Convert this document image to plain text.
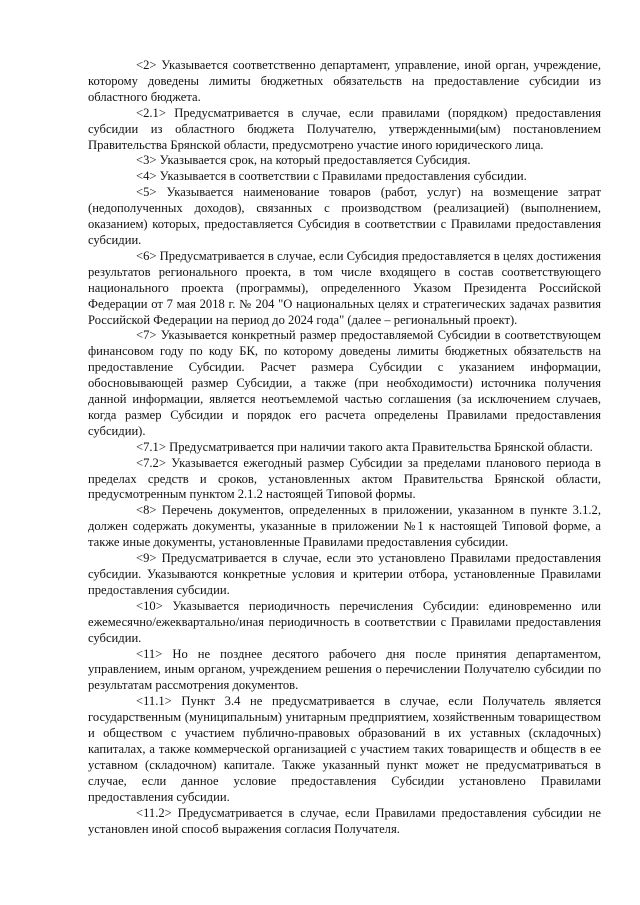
<2> Указывается соответственно департамент, управление, иной орган, учреждение, которому доведены лимиты бюджетных обязательств на предоставление субсидии из областного бюджета.

<2.1> Предусматривается в случае, если правилами (порядком) предоставления субсидии из областного бюджета Получателю, утвержденными(ым) постановлением Правительства Брянской области, предусмотрено участие иного юридического лица.

<3> Указывается срок, на который предоставляется Субсидия.

<4> Указывается в соответствии с Правилами предоставления субсидии.

<5> Указывается наименование товаров (работ, услуг) на возмещение затрат (недополученных доходов), связанных с производством (реализацией) (выполнением, оказанием) которых, предоставляется Субсидия в соответствии с Правилами предоставления субсидии.

<6> Предусматривается в случае, если Субсидия предоставляется в целях достижения результатов регионального проекта, в том числе входящего в состав соответствующего национального проекта (программы), определенного Указом Президента Российской Федерации от 7 мая 2018 г. № 204 "О национальных целях и стратегических задачах развития Российской Федерации на период до 2024 года" (далее – региональный проект).

<7> Указывается конкретный размер предоставляемой Субсидии в соответствующем финансовом году по коду БК, по которому доведены лимиты бюджетных обязательств на предоставление Субсидии. Расчет размера Субсидии с указанием информации, обосновывающей размер Субсидии, а также (при необходимости) источника получения данной информации, является неотъемлемой частью соглашения (за исключением случаев, когда размер Субсидии и порядок его расчета определены Правилами предоставления субсидии).

<7.1> Предусматривается при наличии такого акта Правительства Брянской области.

<7.2> Указывается ежегодный размер Субсидии за пределами планового периода в пределах средств и сроков, установленных актом Правительства Брянской области, предусмотренным пунктом 2.1.2 настоящей Типовой формы.

<8> Перечень документов, определенных в приложении, указанном в пункте 3.1.2, должен содержать документы, указанные в приложении №1 к настоящей Типовой форме, а также иные документы, установленные Правилами предоставления субсидии.

<9> Предусматривается в случае, если это установлено Правилами предоставления субсидии. Указываются конкретные условия и критерии отбора, установленные Правилами предоставления субсидии.

<10> Указывается периодичность перечисления Субсидии: единовременно или ежемесячно/ежеквартально/иная периодичность в соответствии с Правилами предоставления субсидии.

<11> Но не позднее десятого рабочего дня после принятия департаментом, управлением, иным органом, учреждением решения о перечислении Получателю субсидии по результатам рассмотрения документов.

<11.1> Пункт 3.4 не предусматривается в случае, если Получатель является государственным (муниципальным) унитарным предприятием, хозяйственным товариществом и обществом с участием публично-правовых образований в их уставных (складочных) капиталах, а также коммерческой организацией с участием таких товариществ и обществ в ее уставном (складочном) капитале. Также указанный пункт может не предусматриваться в случае, если данное условие предоставления Субсидии установлено Правилами предоставления субсидии.

<11.2> Предусматривается в случае, если Правилами предоставления субсидии не установлен иной способ выражения согласия Получателя.
